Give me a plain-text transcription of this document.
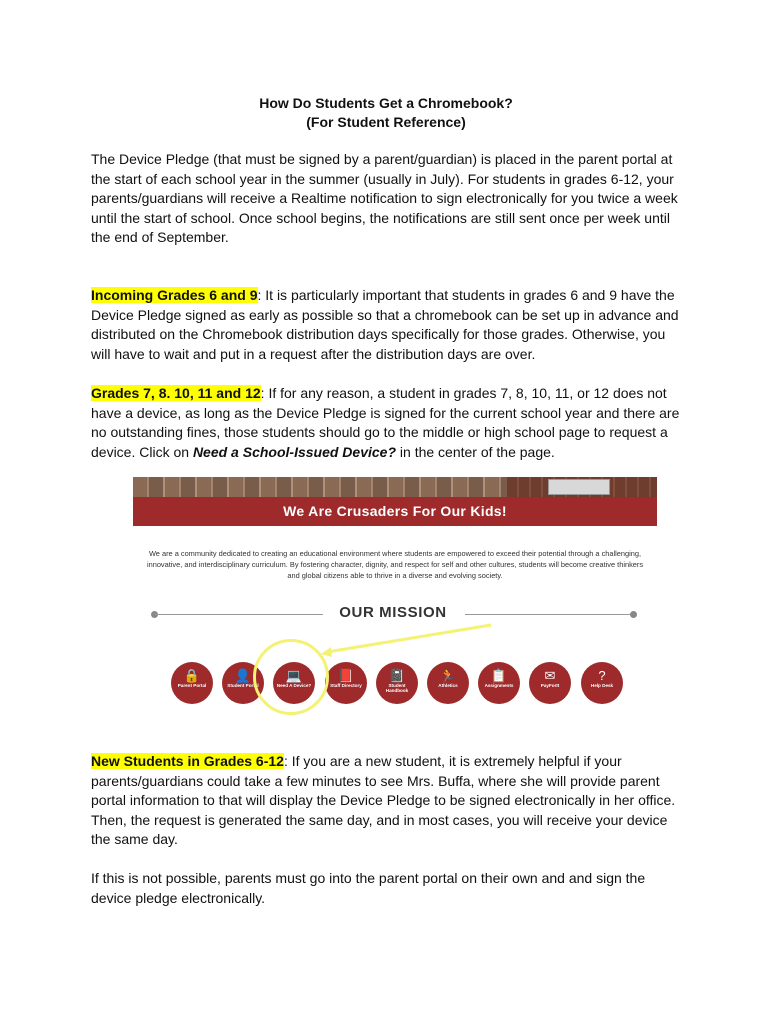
How Do Students Get a Chromebook?
(For Student Reference)

The Device Pledge (that must be signed by a parent/guardian) is placed in the parent portal at the start of each school year in the summer (usually in July). For students in grades 6-12, your parents/guardians will receive a Realtime notification to sign electronically for you twice a week until the start of school. Once school begins, the notifications are still sent once per week until the end of September.

Incoming Grades 6 and 9: It is particularly important that students in grades 6 and 9 have the Device Pledge signed as early as possible so that a chromebook can be set up in advance and distributed on the Chromebook distribution days specifically for those grades. Otherwise, you will have to wait and put in a request after the distribution days are over.

Grades 7, 8. 10, 11 and 12: If for any reason, a student in grades 7, 8, 10, 11, or 12 does not have a device, as long as the Device Pledge is signed for the current school year and there are no outstanding fines, those students should go to the middle or high school page to request a device. Click on Need a School-Issued Device? in the center of the page.

New Students in Grades 6-12: If you are a new student, it is extremely helpful if your parents/guardians could take a few minutes to see Mrs. Buffa, where she will provide parent portal information to that will display the Device Pledge to be signed electronically in her office. Then, the request is generated the same day, and in most cases, you will receive your device the same day.

If this is not possible, parents must go into the parent portal on their own and and sign the device pledge electronically.

We Are Crusaders For Our Kids!
We are a community dedicated to creating an educational environment where students are empowered to exceed their potential through a challenging, innovative, and interdisciplinary curriculum. By fostering character, dignity, and respect for self and other cultures, students will become creative thinkers and global citizens able to thrive in a diverse and evolving society.
OUR MISSION
🔒
Parent Portal
👤
Student Portal
💻
Need A Device?
📕
Staff Directory
📓
Student Handbook
🏃
Athletics
📋
Assignments
✉
PayForIt
?
Help Desk
